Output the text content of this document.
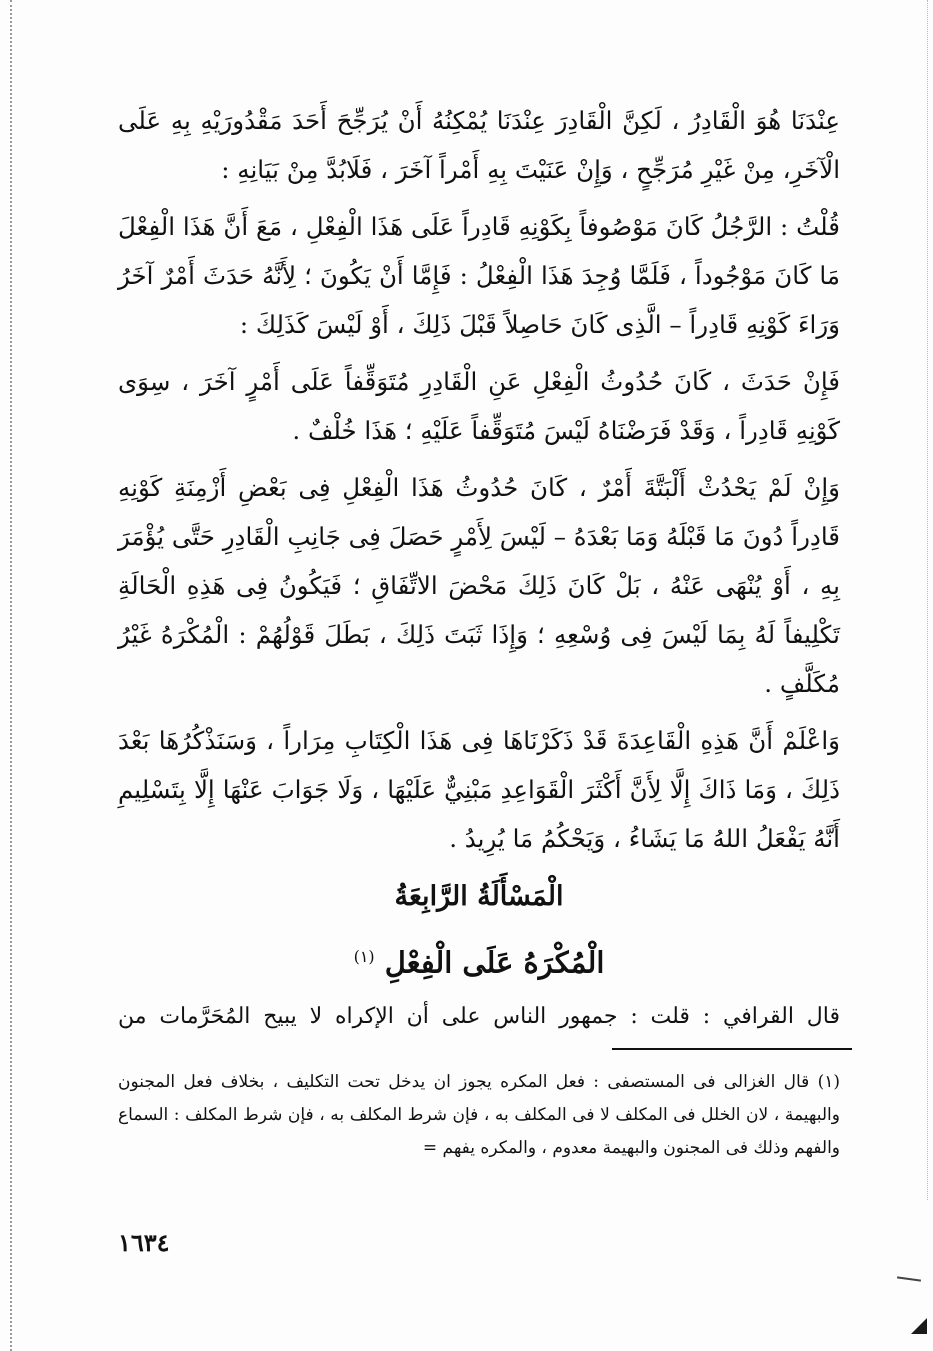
عِنْدَنَا هُوَ الْقَادِرُ ، لَكِنَّ الْقَادِرَ عِنْدَنَا يُمْكِنُهُ أَنْ يُرَجِّحَ أَحَدَ مَقْدُورَيْهِ بِهِ عَلَى الْآخَرِ، مِنْ غَيْرِ مُرَجِّحٍ ، وَإِنْ عَنَيْتَ بِهِ أَمْراً آخَرَ ، فَلَابُدَّ مِنْ بَيَانِهِ :

قُلْتُ : الرَّجُلُ كَانَ مَوْصُوفاً بِكَوْنِهِ قَادِراً عَلَى هَذَا الْفِعْلِ ، مَعَ أَنَّ هَذَا الْفِعْلَ مَا كَانَ مَوْجُوداً ، فَلَمَّا وُجِدَ هَذَا الْفِعْلُ : فَإِمَّا أَنْ يَكُونَ ؛ لِأَنَّهُ حَدَثَ أَمْرٌ آخَرُ وَرَاءَ كَوْنِهِ قَادِراً – الَّذِى كَانَ حَاصِلاً قَبْلَ ذَلِكَ ، أَوْ لَيْسَ كَذَلِكَ :

فَإِنْ حَدَثَ ، كَانَ حُدُوثُ الْفِعْلِ عَنِ الْقَادِرِ مُتَوَقِّفاً عَلَى أَمْرٍ آخَرَ ، سِوَى كَوْنِهِ قَادِراً ، وَقَدْ فَرَضْنَاهُ لَيْسَ مُتَوَقِّفاً عَلَيْهِ ؛ هَذَا خُلْفٌ .

وَإِنْ لَمْ يَحْدُثْ أَلْبَتَّةَ أَمْرٌ ، كَانَ حُدُوثُ هَذَا الْفِعْلِ فِى بَعْضِ أَزْمِنَةِ كَوْنِهِ قَادِراً دُونَ مَا قَبْلَهُ وَمَا بَعْدَهُ – لَيْسَ لِأَمْرٍ حَصَلَ فِى جَانِبِ الْقَادِرِ حَتَّى يُؤْمَرَ بِهِ ، أَوْ يُنْهَى عَنْهُ ، بَلْ كَانَ ذَلِكَ مَحْضَ الاتِّفَاقِ ؛ فَيَكُونُ فِى هَذِهِ الْحَالَةِ تَكْلِيفاً لَهُ بِمَا لَيْسَ فِى وُسْعِهِ ؛ وَإِذَا ثَبَتَ ذَلِكَ ، بَطَلَ قَوْلُهُمْ : الْمُكْرَهُ غَيْرُ مُكَلَّفٍ .

وَاعْلَمْ أَنَّ هَذِهِ الْقَاعِدَةَ قَدْ ذَكَرْنَاهَا فِى هَذَا الْكِتَابِ مِرَاراً ، وَسَنَذْكُرُهَا بَعْدَ ذَلِكَ ، وَمَا ذَاكَ إِلَّا لِأَنَّ أَكْثَرَ الْقَوَاعِدِ مَبْنِيٌّ عَلَيْهَا ، وَلَا جَوَابَ عَنْهَا إِلَّا بِتَسْلِيمِ أَنَّهُ يَفْعَلُ اللهُ مَا يَشَاءُ ، وَيَحْكُمُ مَا يُرِيدُ .

الْمَسْأَلَةُ الرَّابِعَةُ
الْمُكْرَهُ عَلَى الْفِعْلِ $^{(١)}$

قال القرافي : قلت : جمهور الناس على أن الإكراه لا يبيح المُحَرَّمات من

(١) قال الغزالى فى المستصفى : فعل المكره يجوز ان يدخل تحت التكليف ، بخلاف فعل المجنون والبهيمة ، لان الخلل فى المكلف لا فى المكلف به ، فإن شرط المكلف به ، فإن شرط المكلف : السماع والفهم وذلك فى المجنون والبهيمة معدوم ، والمكره يفهم =

١٦٣٤
